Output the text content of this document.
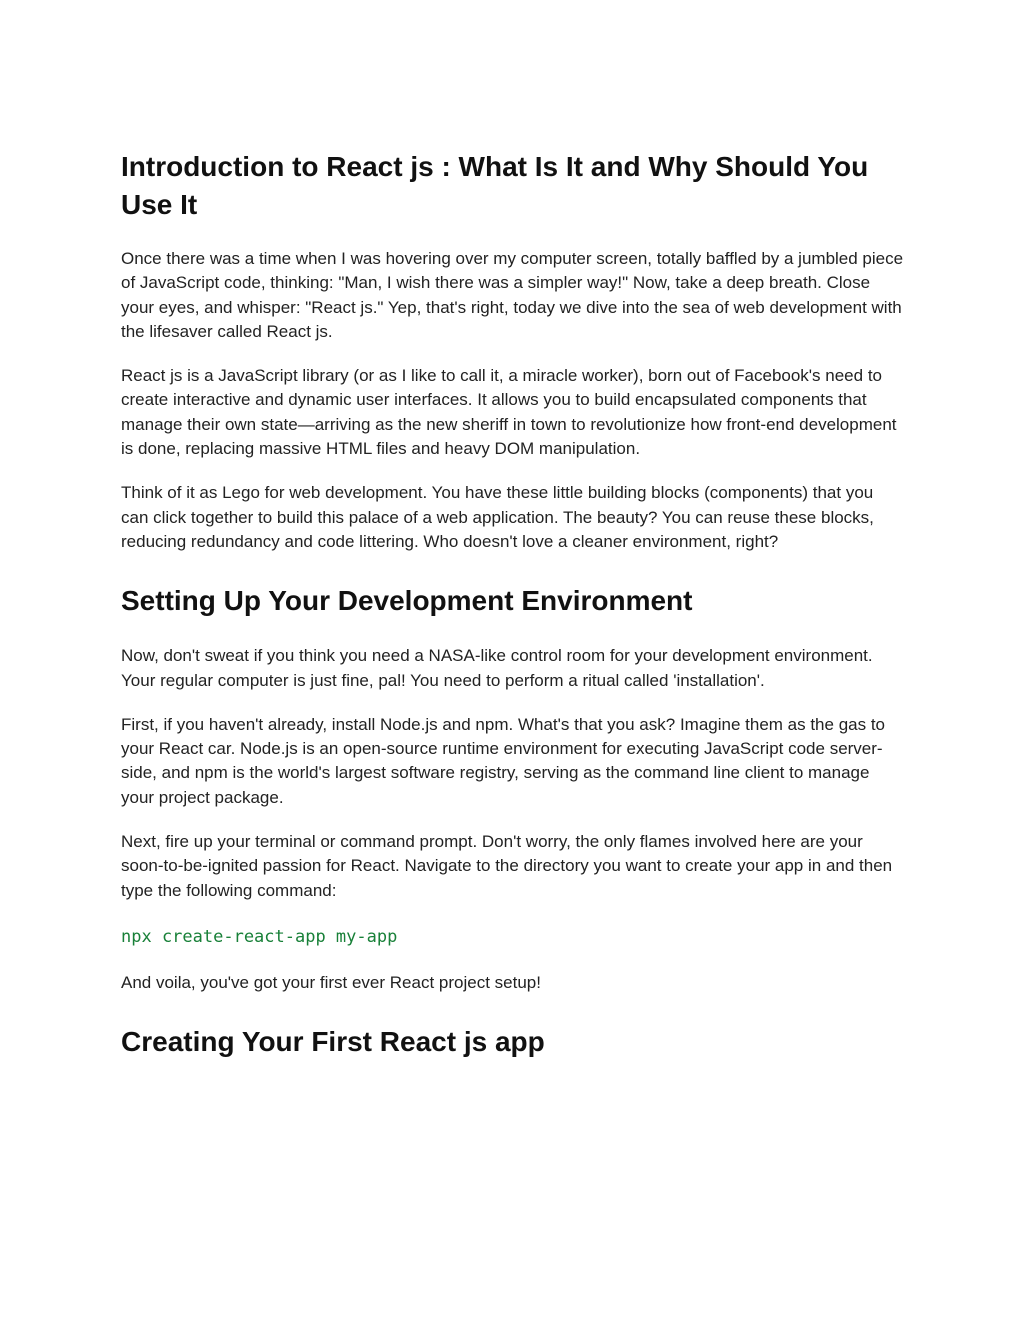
Introduction to React js : What Is It and Why Should You Use It

Once there was a time when I was hovering over my computer screen, totally baffled by a jumbled piece of JavaScript code, thinking: "Man, I wish there was a simpler way!" Now, take a deep breath. Close your eyes, and whisper: "React js." Yep, that's right, today we dive into the sea of web development with the lifesaver called React js.

React js is a JavaScript library (or as I like to call it, a miracle worker), born out of Facebook's need to create interactive and dynamic user interfaces. It allows you to build encapsulated components that manage their own state—arriving as the new sheriff in town to revolutionize how front-end development is done, replacing massive HTML files and heavy DOM manipulation.

Think of it as Lego for web development. You have these little building blocks (components) that you can click together to build this palace of a web application. The beauty? You can reuse these blocks, reducing redundancy and code littering. Who doesn't love a cleaner environment, right?

Setting Up Your Development Environment

Now, don't sweat if you think you need a NASA-like control room for your development environment. Your regular computer is just fine, pal! You need to perform a ritual called 'installation'.

First, if you haven't already, install Node.js and npm. What's that you ask? Imagine them as the gas to your React car. Node.js is an open-source runtime environment for executing JavaScript code server-side, and npm is the world's largest software registry, serving as the command line client to manage your project package.

Next, fire up your terminal or command prompt. Don't worry, the only flames involved here are your soon-to-be-ignited passion for React. Navigate to the directory you want to create your app in and then type the following command:

npx create-react-app my-app

And voila, you've got your first ever React project setup!

Creating Your First React js app
